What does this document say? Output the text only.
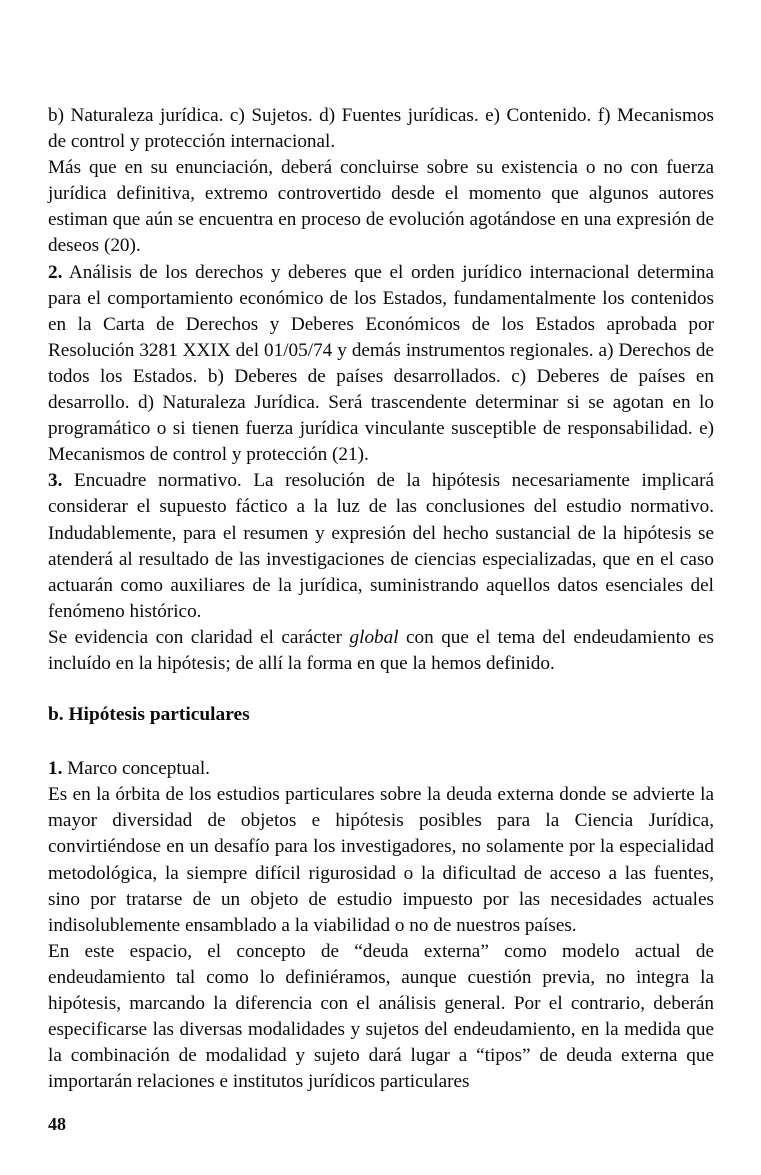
b) Naturaleza jurídica. c) Sujetos. d) Fuentes jurídicas. e) Contenido. f) Mecanismos de control y protección internacional.

Más que en su enunciación, deberá concluirse sobre su existencia o no con fuerza jurídica definitiva, extremo controvertido desde el momento que algunos autores estiman que aún se encuentra en proceso de evolución agotándose en una expresión de deseos (20).

2. Análisis de los derechos y deberes que el orden jurídico internacional determina para el comportamiento económico de los Estados, fundamentalmente los contenidos en la Carta de Derechos y Deberes Económicos de los Estados aprobada por Resolución 3281 XXIX del 01/05/74 y demás instrumentos regionales. a) Derechos de todos los Estados. b) Deberes de países desarrollados. c) Deberes de países en desarrollo. d) Naturaleza Jurídica. Será trascendente determinar si se agotan en lo programático o si tienen fuerza jurídica vinculante susceptible de responsabilidad. e) Mecanismos de control y protección (21).

3. Encuadre normativo. La resolución de la hipótesis necesariamente implicará considerar el supuesto fáctico a la luz de las conclusiones del estudio normativo. Indudablemente, para el resumen y expresión del hecho sustancial de la hipótesis se atenderá al resultado de las investigaciones de ciencias especializadas, que en el caso actuarán como auxiliares de la jurídica, suministrando aquellos datos esenciales del fenómeno histórico.

Se evidencia con claridad el carácter global con que el tema del endeudamiento es incluído en la hipótesis; de allí la forma en que la hemos definido.

b. Hipótesis particulares

1. Marco conceptual.

Es en la órbita de los estudios particulares sobre la deuda externa donde se advierte la mayor diversidad de objetos e hipótesis posibles para la Ciencia Jurídica, convirtiéndose en un desafío para los investigadores, no solamente por la especialidad metodológica, la siempre difícil rigurosidad o la dificultad de acceso a las fuentes, sino por tratarse de un objeto de estudio impuesto por las necesidades actuales indisolublemente ensamblado a la viabilidad o no de nuestros países.

En este espacio, el concepto de “deuda externa” como modelo actual de endeudamiento tal como lo definiéramos, aunque cuestión previa, no integra la hipótesis, marcando la diferencia con el análisis general. Por el contrario, deberán especificarse las diversas modalidades y sujetos del endeudamiento, en la medida que la combinación de modalidad y sujeto dará lugar a “tipos” de deuda externa que importarán relaciones e institutos jurídicos particulares

48
